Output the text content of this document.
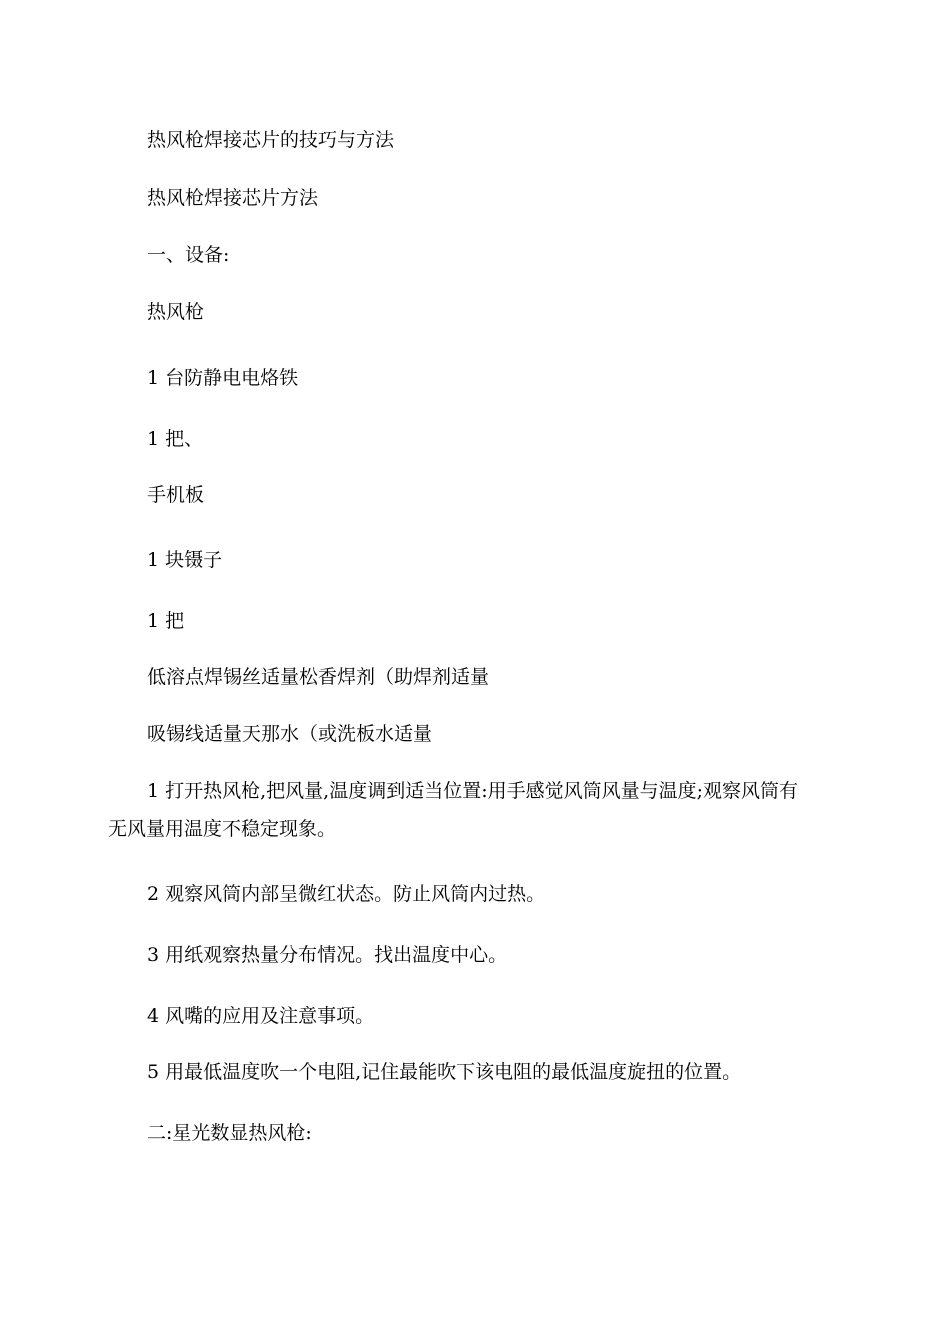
热风枪焊接芯片的技巧与方法
热风枪焊接芯片方法
一、设备:
热风枪
1 台防静电电烙铁
1 把、
手机板
1 块镊子
1 把
低溶点焊锡丝适量松香焊剂（助焊剂适量
吸锡线适量天那水（或洗板水适量
1 打开热风枪,把风量,温度调到适当位置:用手感觉风筒风量与温度;观察风筒有
无风量用温度不稳定现象。
2 观察风筒内部呈微红状态。防止风筒内过热。
3 用纸观察热量分布情况。找出温度中心。
4 风嘴的应用及注意事项。
5 用最低温度吹一个电阻,记住最能吹下该电阻的最低温度旋扭的位置。
二:星光数显热风枪:
